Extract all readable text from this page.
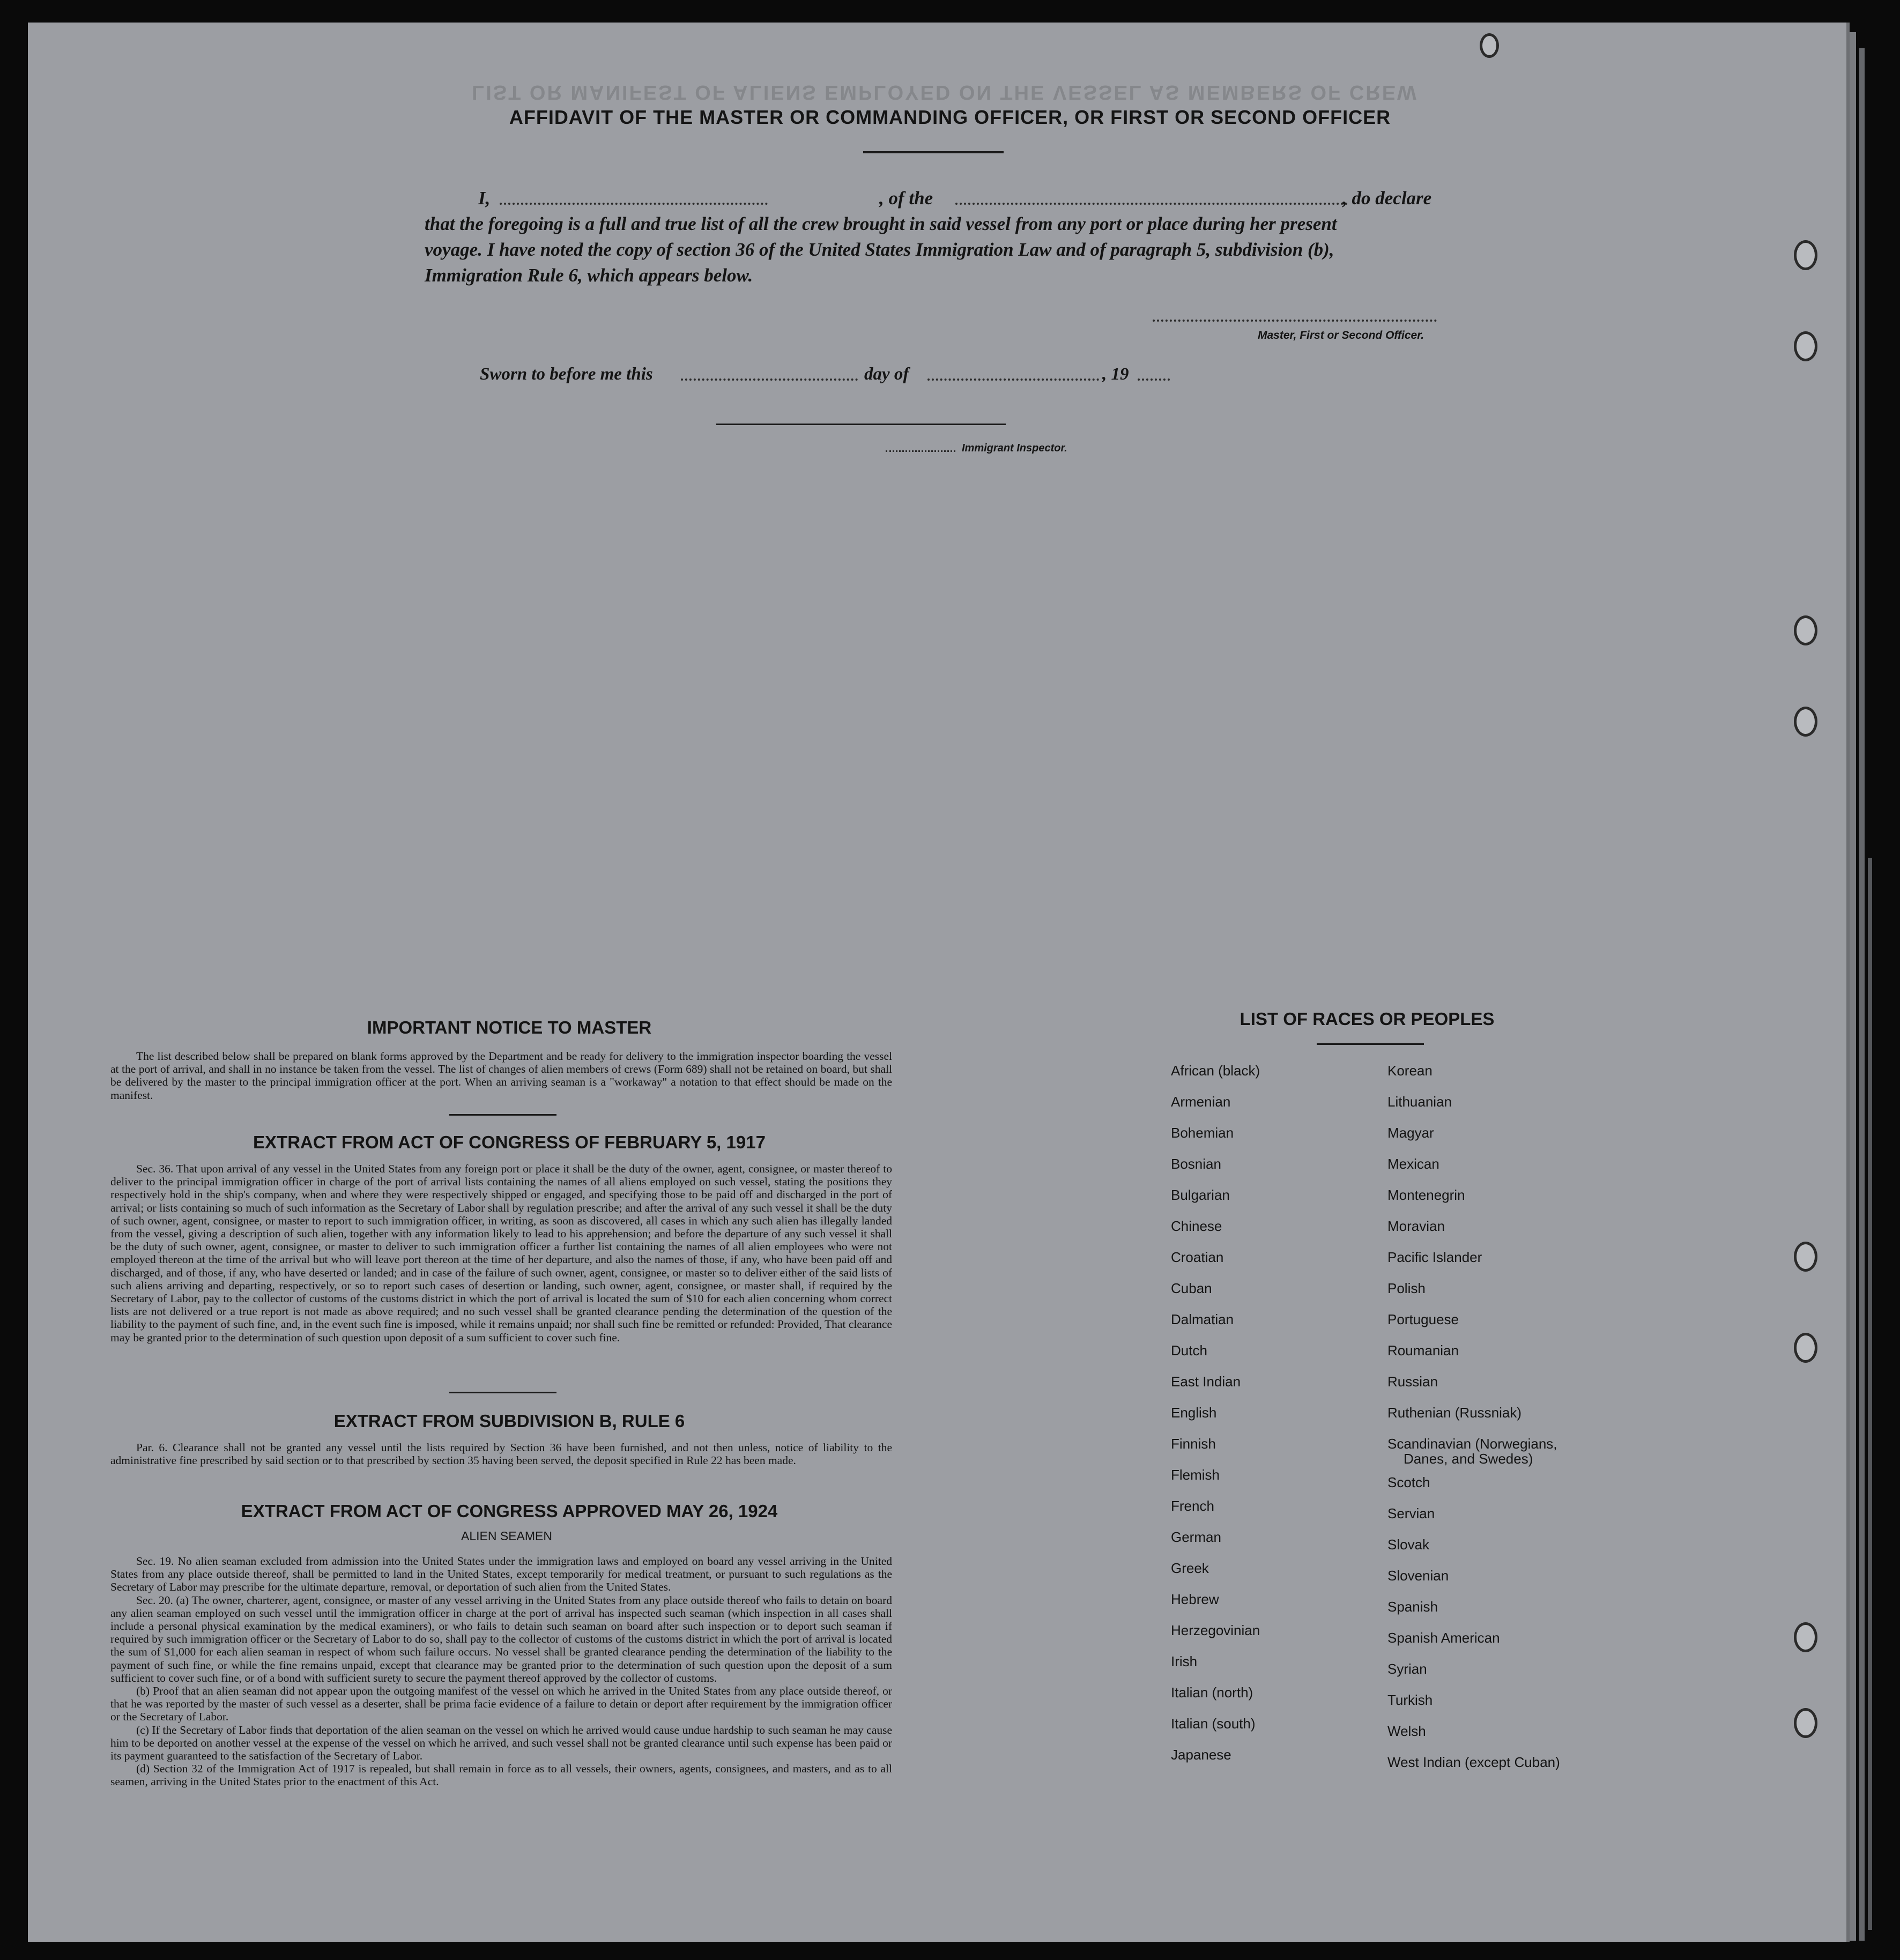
LIST OR MANIFEST OF ALIENS EMPLOYED ON THE VESSEL AS MEMBERS OF CREW
AFFIDAVIT OF THE MASTER OR COMMANDING OFFICER, OR FIRST OR SECOND OFFICER
I,	, of the	, do declare
that the foregoing is a full and true list of all the crew brought in said vessel from any port or place during her present
voyage. I have noted the copy of section 36 of the United States Immigration Law and of paragraph 5, subdivision (b),
Immigration Rule 6, which appears below.
Master, First or Second Officer.
Sworn to before me this	day of	, 19
Immigrant Inspector.
IMPORTANT NOTICE TO MASTER

The list described below shall be prepared on blank forms approved by the Department and be ready for delivery to the immigration inspector boarding the vessel at the port of arrival, and shall in no instance be taken from the vessel. The list of changes of alien members of crews (Form 689) shall not be retained on board, but shall be delivered by the master to the principal immigration officer at the port. When an arriving seaman is a "workaway" a notation to that effect should be made on the manifest.

EXTRACT FROM ACT OF CONGRESS OF FEBRUARY 5, 1917

Sec. 36. That upon arrival of any vessel in the United States from any foreign port or place it shall be the duty of the owner, agent, consignee, or master thereof to deliver to the principal immigration officer in charge of the port of arrival lists containing the names of all aliens employed on such vessel, stating the positions they respectively hold in the ship's company, when and where they were respectively shipped or engaged, and specifying those to be paid off and discharged in the port of arrival; or lists containing so much of such information as the Secretary of Labor shall by regulation prescribe; and after the arrival of any such vessel it shall be the duty of such owner, agent, consignee, or master to report to such immigration officer, in writing, as soon as discovered, all cases in which any such alien has illegally landed from the vessel, giving a description of such alien, together with any information likely to lead to his apprehension; and before the departure of any such vessel it shall be the duty of such owner, agent, consignee, or master to deliver to such immigration officer a further list containing the names of all alien employees who were not employed thereon at the time of the arrival but who will leave port thereon at the time of her departure, and also the names of those, if any, who have been paid off and discharged, and of those, if any, who have deserted or landed; and in case of the failure of such owner, agent, consignee, or master so to deliver either of the said lists of such aliens arriving and departing, respectively, or so to report such cases of desertion or landing, such owner, agent, consignee, or master shall, if required by the Secretary of Labor, pay to the collector of customs of the customs district in which the port of arrival is located the sum of $10 for each alien concerning whom correct lists are not delivered or a true report is not made as above required; and no such vessel shall be granted clearance pending the determination of the question of the liability to the payment of such fine, and, in the event such fine is imposed, while it remains unpaid; nor shall such fine be remitted or refunded: Provided, That clearance may be granted prior to the determination of such question upon deposit of a sum sufficient to cover such fine.

EXTRACT FROM SUBDIVISION B, RULE 6

Par. 6. Clearance shall not be granted any vessel until the lists required by Section 36 have been furnished, and not then unless, notice of liability to the administrative fine prescribed by said section or to that prescribed by section 35 having been served, the deposit specified in Rule 22 has been made.

EXTRACT FROM ACT OF CONGRESS APPROVED MAY 26, 1924
ALIEN SEAMEN

Sec. 19. No alien seaman excluded from admission into the United States under the immigration laws and employed on board any vessel arriving in the United States from any place outside thereof, shall be permitted to land in the United States, except temporarily for medical treatment, or pursuant to such regulations as the Secretary of Labor may prescribe for the ultimate departure, removal, or deportation of such alien from the United States.

Sec. 20. (a) The owner, charterer, agent, consignee, or master of any vessel arriving in the United States from any place outside thereof who fails to detain on board any alien seaman employed on such vessel until the immigration officer in charge at the port of arrival has inspected such seaman (which inspection in all cases shall include a personal physical examination by the medical examiners), or who fails to detain such seaman on board after such inspection or to deport such seaman if required by such immigration officer or the Secretary of Labor to do so, shall pay to the collector of customs of the customs district in which the port of arrival is located the sum of $1,000 for each alien seaman in respect of whom such failure occurs. No vessel shall be granted clearance pending the determination of the liability to the payment of such fine, or while the fine remains unpaid, except that clearance may be granted prior to the determination of such question upon the deposit of a sum sufficient to cover such fine, or of a bond with sufficient surety to secure the payment thereof approved by the collector of customs.

(b) Proof that an alien seaman did not appear upon the outgoing manifest of the vessel on which he arrived in the United States from any place outside thereof, or that he was reported by the master of such vessel as a deserter, shall be prima facie evidence of a failure to detain or deport after requirement by the immigration officer or the Secretary of Labor.

(c) If the Secretary of Labor finds that deportation of the alien seaman on the vessel on which he arrived would cause undue hardship to such seaman he may cause him to be deported on another vessel at the expense of the vessel on which he arrived, and such vessel shall not be granted clearance until such expense has been paid or its payment guaranteed to the satisfaction of the Secretary of Labor.

(d) Section 32 of the Immigration Act of 1917 is repealed, but shall remain in force as to all vessels, their owners, agents, consignees, and masters, and as to all seamen, arriving in the United States prior to the enactment of this Act.

LIST OF RACES OR PEOPLES
African (black)
Armenian
Bohemian
Bosnian
Bulgarian
Chinese
Croatian
Cuban
Dalmatian
Dutch
East Indian
English
Finnish
Flemish
French
German
Greek
Hebrew
Herzegovinian
Irish
Italian (north)
Italian (south)
Japanese
Korean
Lithuanian
Magyar
Mexican
Montenegrin
Moravian
Pacific Islander
Polish
Portuguese
Roumanian
Russian
Ruthenian (Russniak)
Scandinavian (Norwegians,
Danes, and Swedes)
Scotch
Servian
Slovak
Slovenian
Spanish
Spanish American
Syrian
Turkish
Welsh
West Indian (except Cuban)
